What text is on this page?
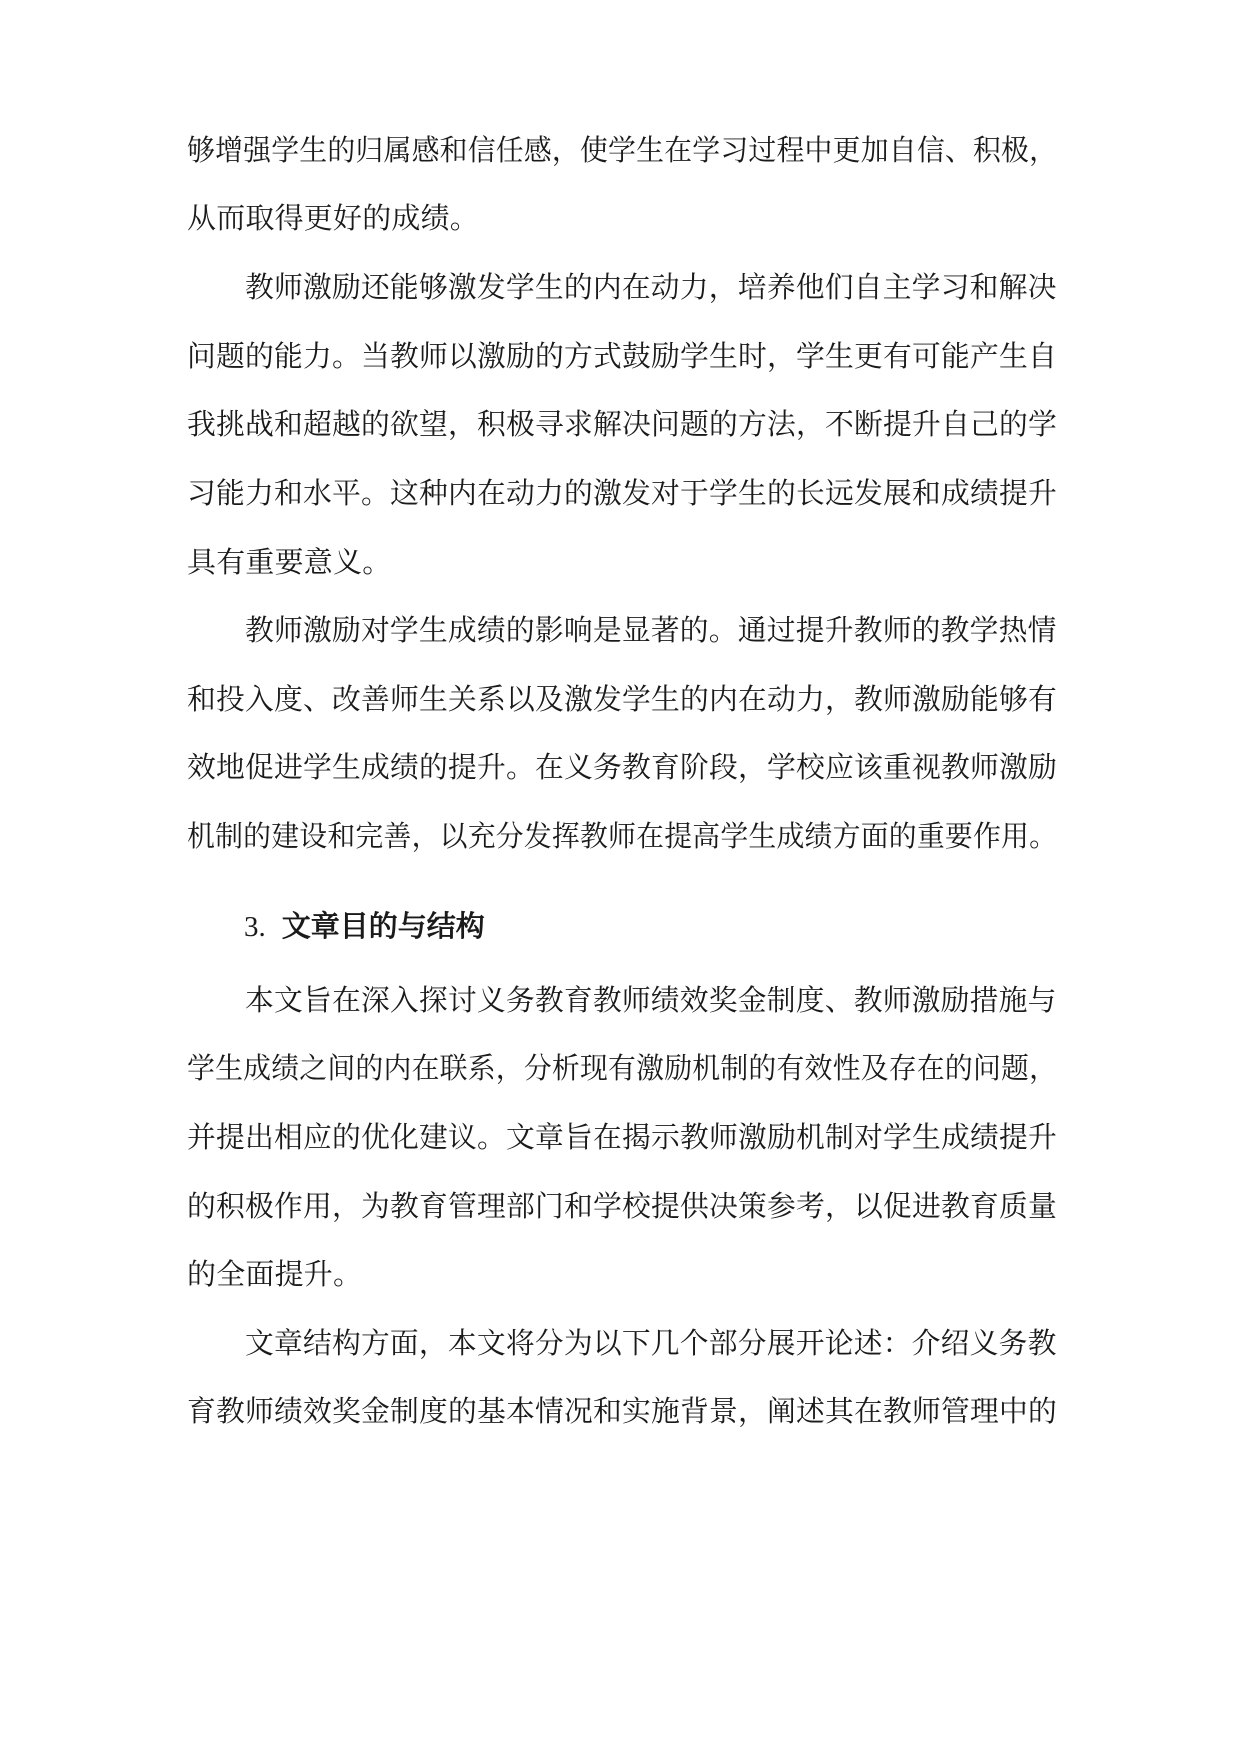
够增强学生的归属感和信任感，使学生在学习过程中更加自信、积极，
从而取得更好的成绩。
教师激励还能够激发学生的内在动力，培养他们自主学习和解决
问题的能力。当教师以激励的方式鼓励学生时，学生更有可能产生自
我挑战和超越的欲望，积极寻求解决问题的方法，不断提升自己的学
习能力和水平。这种内在动力的激发对于学生的长远发展和成绩提升
具有重要意义。
教师激励对学生成绩的影响是显著的。通过提升教师的教学热情
和投入度、改善师生关系以及激发学生的内在动力，教师激励能够有
效地促进学生成绩的提升。在义务教育阶段，学校应该重视教师激励
机制的建设和完善，以充分发挥教师在提高学生成绩方面的重要作用。
3. 文章目的与结构
本文旨在深入探讨义务教育教师绩效奖金制度、教师激励措施与
学生成绩之间的内在联系，分析现有激励机制的有效性及存在的问题，
并提出相应的优化建议。文章旨在揭示教师激励机制对学生成绩提升
的积极作用，为教育管理部门和学校提供决策参考，以促进教育质量
的全面提升。
文章结构方面，本文将分为以下几个部分展开论述：介绍义务教
育教师绩效奖金制度的基本情况和实施背景，阐述其在教师管理中的
